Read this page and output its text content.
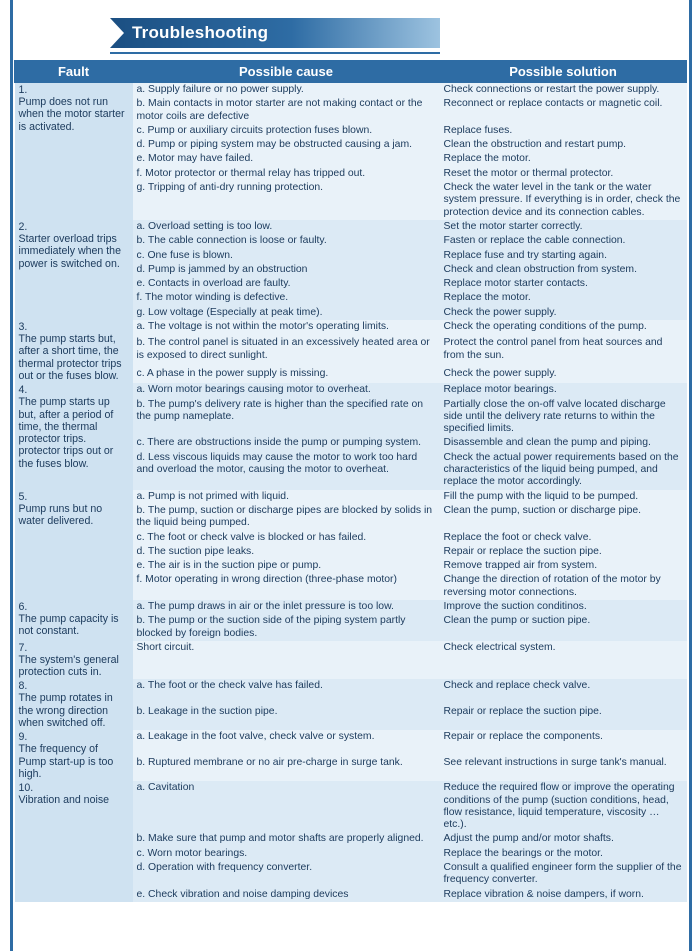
Troubleshooting
Fault	Possible cause	Possible solution

1.
Pump does not run when the motor starter is activated.	a. Supply failure or no power supply.	Check connections or restart the power supply.
	b. Main contacts in motor starter are not making contact or the motor coils are defective	Reconnect or replace contacts or magnetic coil.
	c. Pump or auxiliary circuits protection fuses blown.	Replace fuses.
	d. Pump or piping system may be obstructed causing a jam.	Clean the obstruction and restart pump.
	e. Motor may have failed.	Replace the motor.
	f. Motor protector or thermal relay has tripped out.	Reset the motor or thermal protector.
	g. Tripping of anti-dry running protection.	Check the water level in the tank or the water system pressure. If everything is in order, check the protection device and its connection cables.

2.
Starter overload trips immediately when the power is switched on.	a. Overload setting is too low.	Set the motor starter correctly.
	b. The cable connection is loose or faulty.	Fasten or replace the cable connection.
	c. One fuse is blown.	Replace fuse and try starting again.
	d. Pump is jammed by an obstruction	Check and clean obstruction from system.
	e. Contacts in overload are faulty.	Replace motor starter contacts.
	f. The motor winding is defective.	Replace the motor.
	g. Low voltage (Especially at peak time).	Check the power supply.

3.
The pump starts but, after a short time, the thermal protector trips out or the fuses blow.	a. The voltage is not within the motor's operating limits.	Check the operating conditions of the pump.
	b. The control panel is situated in an excessively heated area or is exposed to direct sunlight.	Protect the control panel from heat sources and from the sun.
	c. A phase in the power supply is missing.	Check the power supply.

4.
The pump starts up but, after a period of time, the thermal protector trips. protector trips out or the fuses blow.	a. Worn motor bearings causing motor to overheat.	Replace motor bearings.
	b. The pump's delivery rate is higher than the specified rate on the pump nameplate.	Partially close the on-off valve located discharge side until the delivery rate returns to within the specified limits.
	c. There are obstructions inside the pump or pumping system.	Disassemble and clean the pump and piping.
	d. Less viscous liquids may cause the motor to work too hard and overload the motor, causing the motor to overheat.	Check the actual power requirements based on the characteristics of the liquid being pumped, and replace the motor accordingly.

5.
Pump runs but no water delivered.	a. Pump is not primed with liquid.	Fill the pump with the liquid to be pumped.
	b. The pump, suction or discharge pipes are blocked by solids in the liquid being pumped.	Clean the pump, suction or discharge pipe.
	c. The foot or check valve is blocked or has failed.	Replace the foot or check valve.
	d. The suction pipe leaks.	Repair or replace the suction pipe.
	e. The air is in the suction pipe or pump.	Remove trapped air from system.
	f. Motor operating in wrong direction (three-phase motor)	Change the direction of rotation of the motor by reversing motor connections.

6.
The pump capacity is not constant.	a. The pump draws in air or the inlet pressure is too low.	Improve the suction conditinos.
	b. The pump or the suction side of the piping system partly blocked by foreign bodies.	Clean the pump or suction pipe.

7.
The system's general protection cuts in.	Short circuit.	Check electrical system.

8.
The pump rotates in the wrong direction when switched off.	a. The foot or the check valve has failed.	Check and replace check valve.
	b. Leakage in the suction pipe.	Repair or replace the suction pipe.

9.
The frequency of Pump start-up is too high.	a. Leakage in the foot valve, check valve or system.	Repair or replace the components.
	b. Ruptured membrane or no air pre-charge in surge tank.	See relevant instructions in surge tank's manual.

10.
Vibration and noise	a. Cavitation	Reduce the required flow or improve the operating conditions of the pump (suction conditions, head, flow resistance, liquid temperature, viscosity … etc.).
	b. Make sure that pump and motor shafts are properly aligned.	Adjust the pump and/or motor shafts.
	c. Worn motor bearings.	Replace the bearings or the motor.
	d. Operation with frequency converter.	Consult a qualified engineer form the supplier of the frequency converter.
	e. Check vibration and noise damping devices	Replace vibration & noise dampers, if worn.
